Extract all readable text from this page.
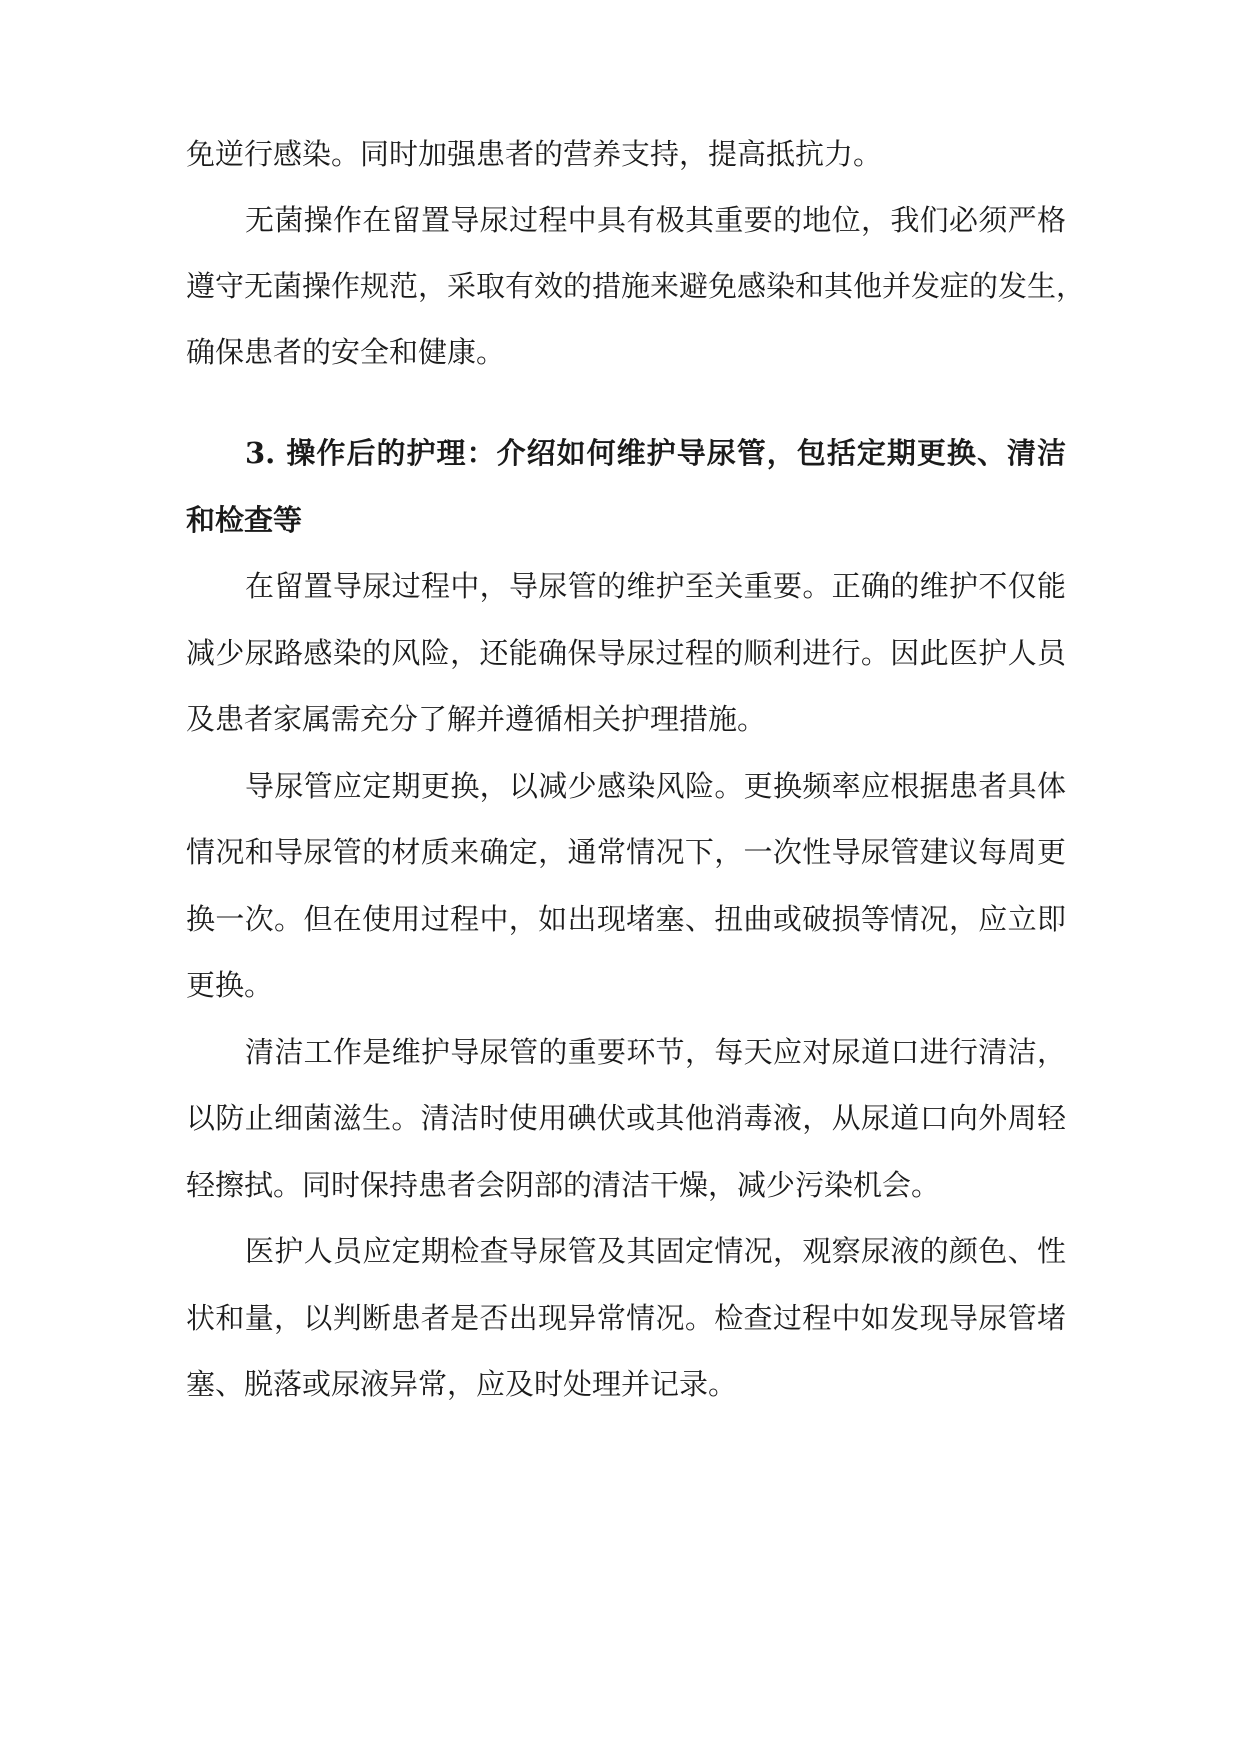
免逆行感染。同时加强患者的营养支持，提高抵抗力。
无菌操作在留置导尿过程中具有极其重要的地位，我们必须严格
遵守无菌操作规范，采取有效的措施来避免感染和其他并发症的发生，
确保患者的安全和健康。
3. 操作后的护理：介绍如何维护导尿管，包括定期更换、清洁
和检查等
在留置导尿过程中，导尿管的维护至关重要。正确的维护不仅能
减少尿路感染的风险，还能确保导尿过程的顺利进行。因此医护人员
及患者家属需充分了解并遵循相关护理措施。
导尿管应定期更换，以减少感染风险。更换频率应根据患者具体
情况和导尿管的材质来确定，通常情况下，一次性导尿管建议每周更
换一次。但在使用过程中，如出现堵塞、扭曲或破损等情况，应立即
更换。
清洁工作是维护导尿管的重要环节，每天应对尿道口进行清洁，
以防止细菌滋生。清洁时使用碘伏或其他消毒液，从尿道口向外周轻
轻擦拭。同时保持患者会阴部的清洁干燥，减少污染机会。
医护人员应定期检查导尿管及其固定情况，观察尿液的颜色、性
状和量，以判断患者是否出现异常情况。检查过程中如发现导尿管堵
塞、脱落或尿液异常，应及时处理并记录。
